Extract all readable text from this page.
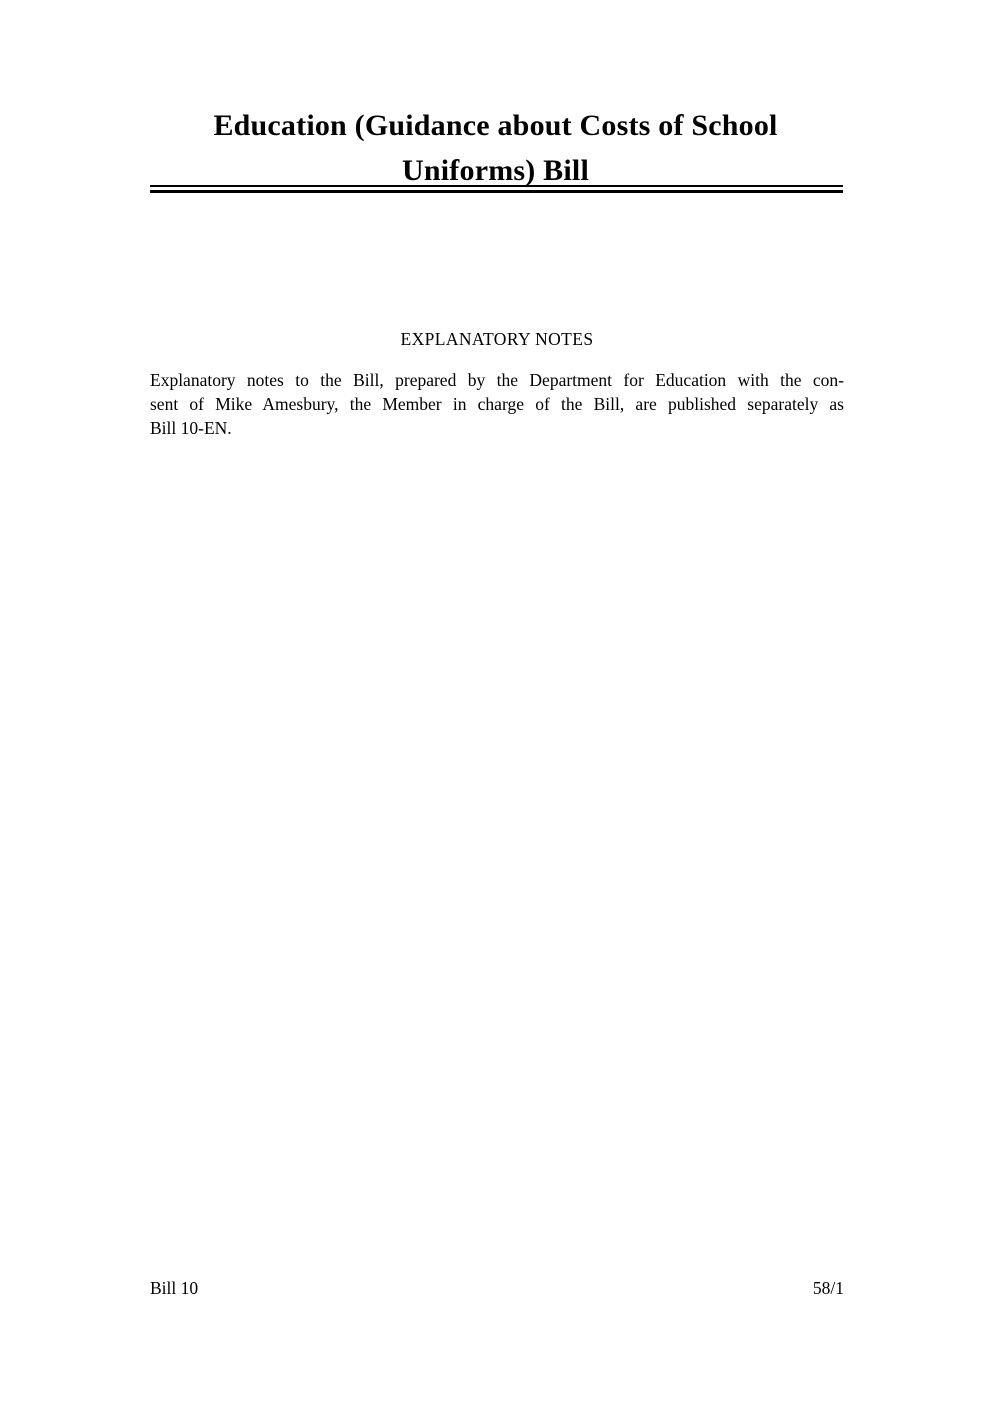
Education (Guidance about Costs of School
Uniforms) Bill
EXPLANATORY NOTES
Explanatory notes to the Bill, prepared by the Department for Education with the con-
sent of Mike Amesbury, the Member in charge of the Bill, are published separately as
Bill 10-EN.
Bill 10	58/1
